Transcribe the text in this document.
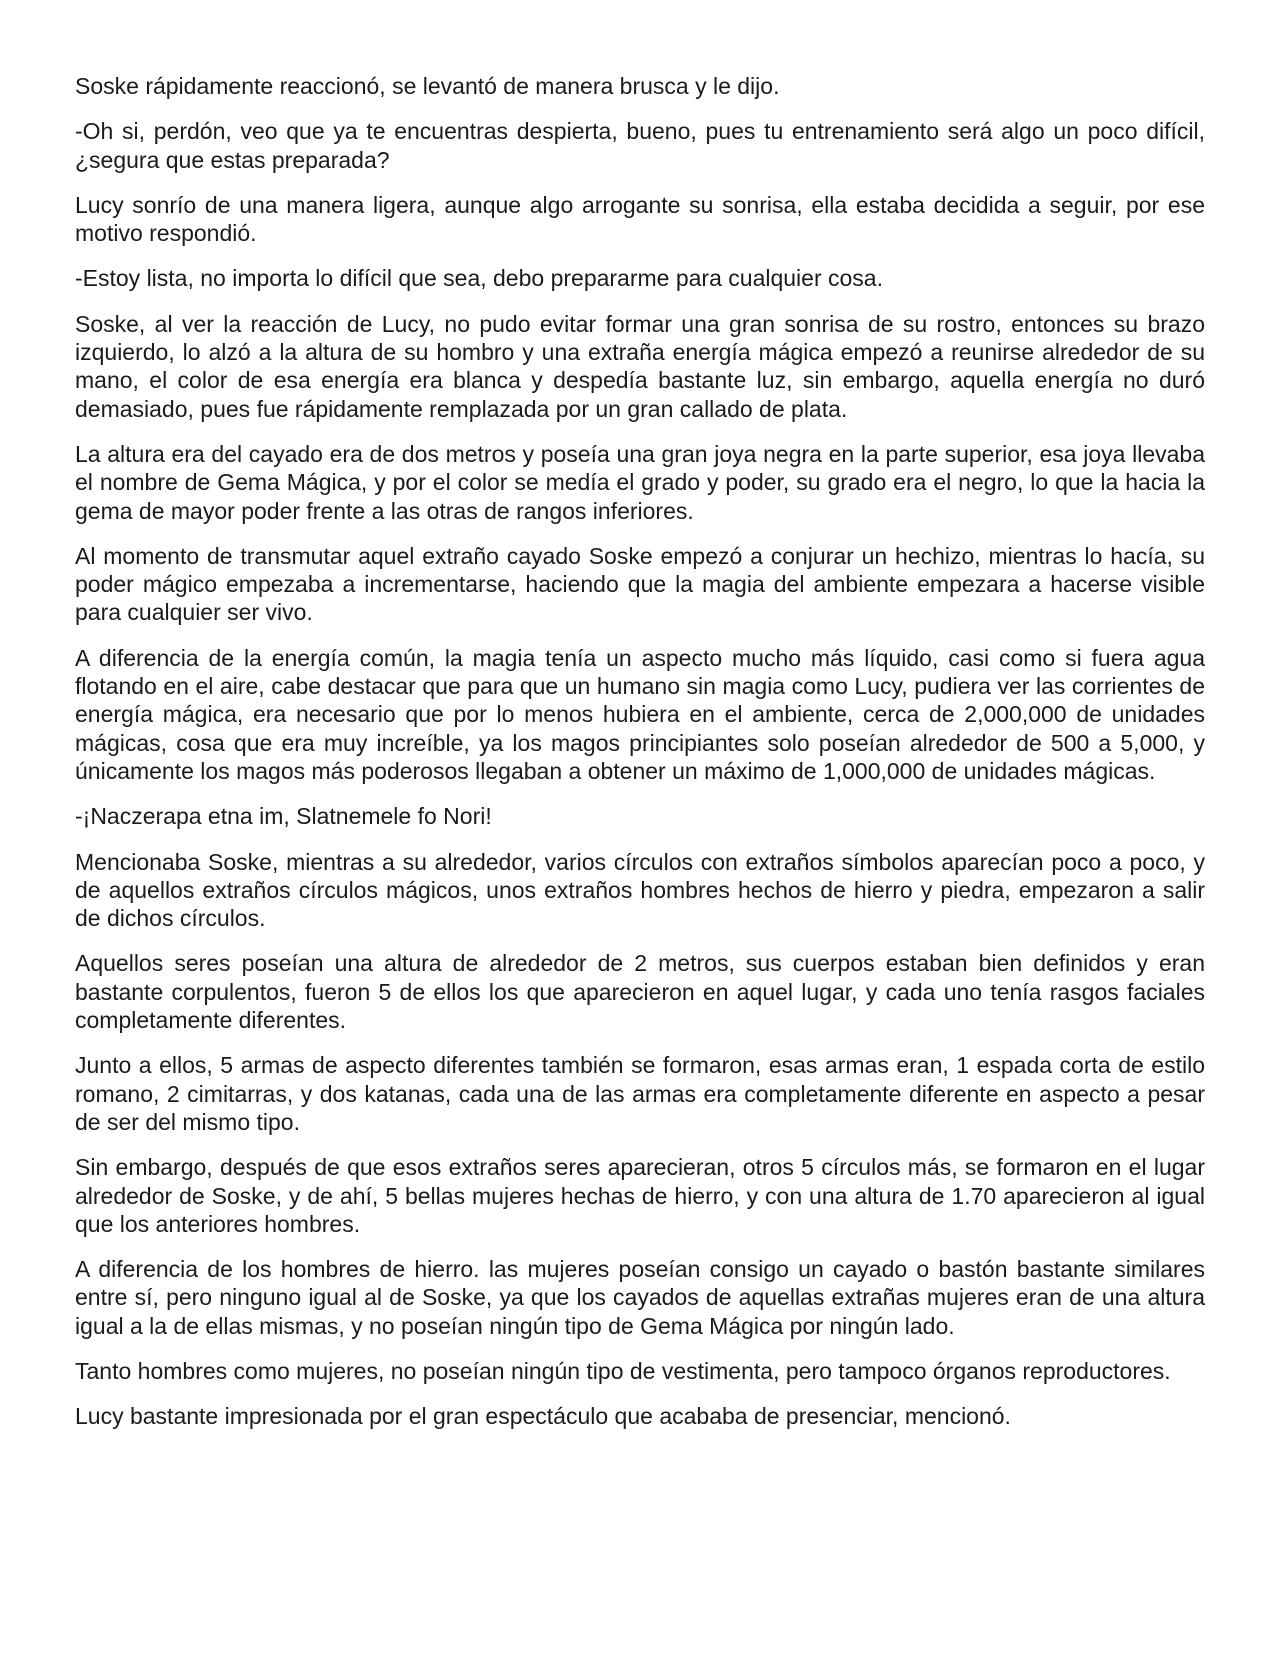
Soske rápidamente reaccionó, se levantó de manera brusca y le dijo.

-Oh si, perdón, veo que ya te encuentras despierta, bueno, pues tu entrenamiento será algo un poco difícil, ¿segura que estas preparada?

Lucy sonrío de una manera ligera, aunque algo arrogante su sonrisa, ella estaba decidida a seguir, por ese motivo respondió.

-Estoy lista, no importa lo difícil que sea, debo prepararme para cualquier cosa.

Soske, al ver la reacción de Lucy, no pudo evitar formar una gran sonrisa de su rostro, entonces su brazo izquierdo, lo alzó a la altura de su hombro y una extraña energía mágica empezó a reunirse alrededor de su mano, el color de esa energía era blanca y despedía bastante luz, sin embargo, aquella energía no duró demasiado, pues fue rápidamente remplazada por un gran callado de plata.

La altura era del cayado era de dos metros y poseía una gran joya negra en la parte superior, esa joya llevaba el nombre de Gema Mágica, y por el color se medía el grado y poder, su grado era el negro, lo que la hacia la gema de mayor poder frente a las otras de rangos inferiores.

Al momento de transmutar aquel extraño cayado Soske empezó a conjurar un hechizo, mientras lo hacía, su poder mágico empezaba a incrementarse, haciendo que la magia del ambiente empezara a hacerse visible para cualquier ser vivo.

A diferencia de la energía común, la magia tenía un aspecto mucho más líquido, casi como si fuera agua flotando en el aire, cabe destacar que para que un humano sin magia como Lucy, pudiera ver las corrientes de energía mágica, era necesario que por lo menos hubiera en el ambiente, cerca de 2,000,000 de unidades mágicas, cosa que era muy increíble, ya los magos principiantes solo poseían alrededor de 500 a 5,000, y únicamente los magos más poderosos llegaban a obtener un máximo de 1,000,000 de unidades mágicas.

-¡Naczerapa etna im, Slatnemele fo Nori!

Mencionaba Soske, mientras a su alrededor, varios círculos con extraños símbolos aparecían poco a poco, y de aquellos extraños círculos mágicos, unos extraños hombres hechos de hierro y piedra, empezaron a salir de dichos círculos.

Aquellos seres poseían una altura de alrededor de 2 metros, sus cuerpos estaban bien definidos y eran bastante corpulentos, fueron 5 de ellos los que aparecieron en aquel lugar, y cada uno tenía rasgos faciales completamente diferentes.

Junto a ellos, 5 armas de aspecto diferentes también se formaron, esas armas eran, 1 espada corta de estilo romano, 2 cimitarras, y dos katanas, cada una de las armas era completamente diferente en aspecto a pesar de ser del mismo tipo.

Sin embargo, después de que esos extraños seres aparecieran, otros 5 círculos más, se formaron en el lugar alrededor de Soske, y de ahí, 5 bellas mujeres hechas de hierro, y con una altura de 1.70 aparecieron al igual que los anteriores hombres.

A diferencia de los hombres de hierro. las mujeres poseían consigo un cayado o bastón bastante similares entre sí, pero ninguno igual al de Soske, ya que los cayados de aquellas extrañas mujeres eran de una altura igual a la de ellas mismas, y no poseían ningún tipo de Gema Mágica por ningún lado.

Tanto hombres como mujeres, no poseían ningún tipo de vestimenta, pero tampoco órganos reproductores.

Lucy bastante impresionada por el gran espectáculo que acababa de presenciar, mencionó.
